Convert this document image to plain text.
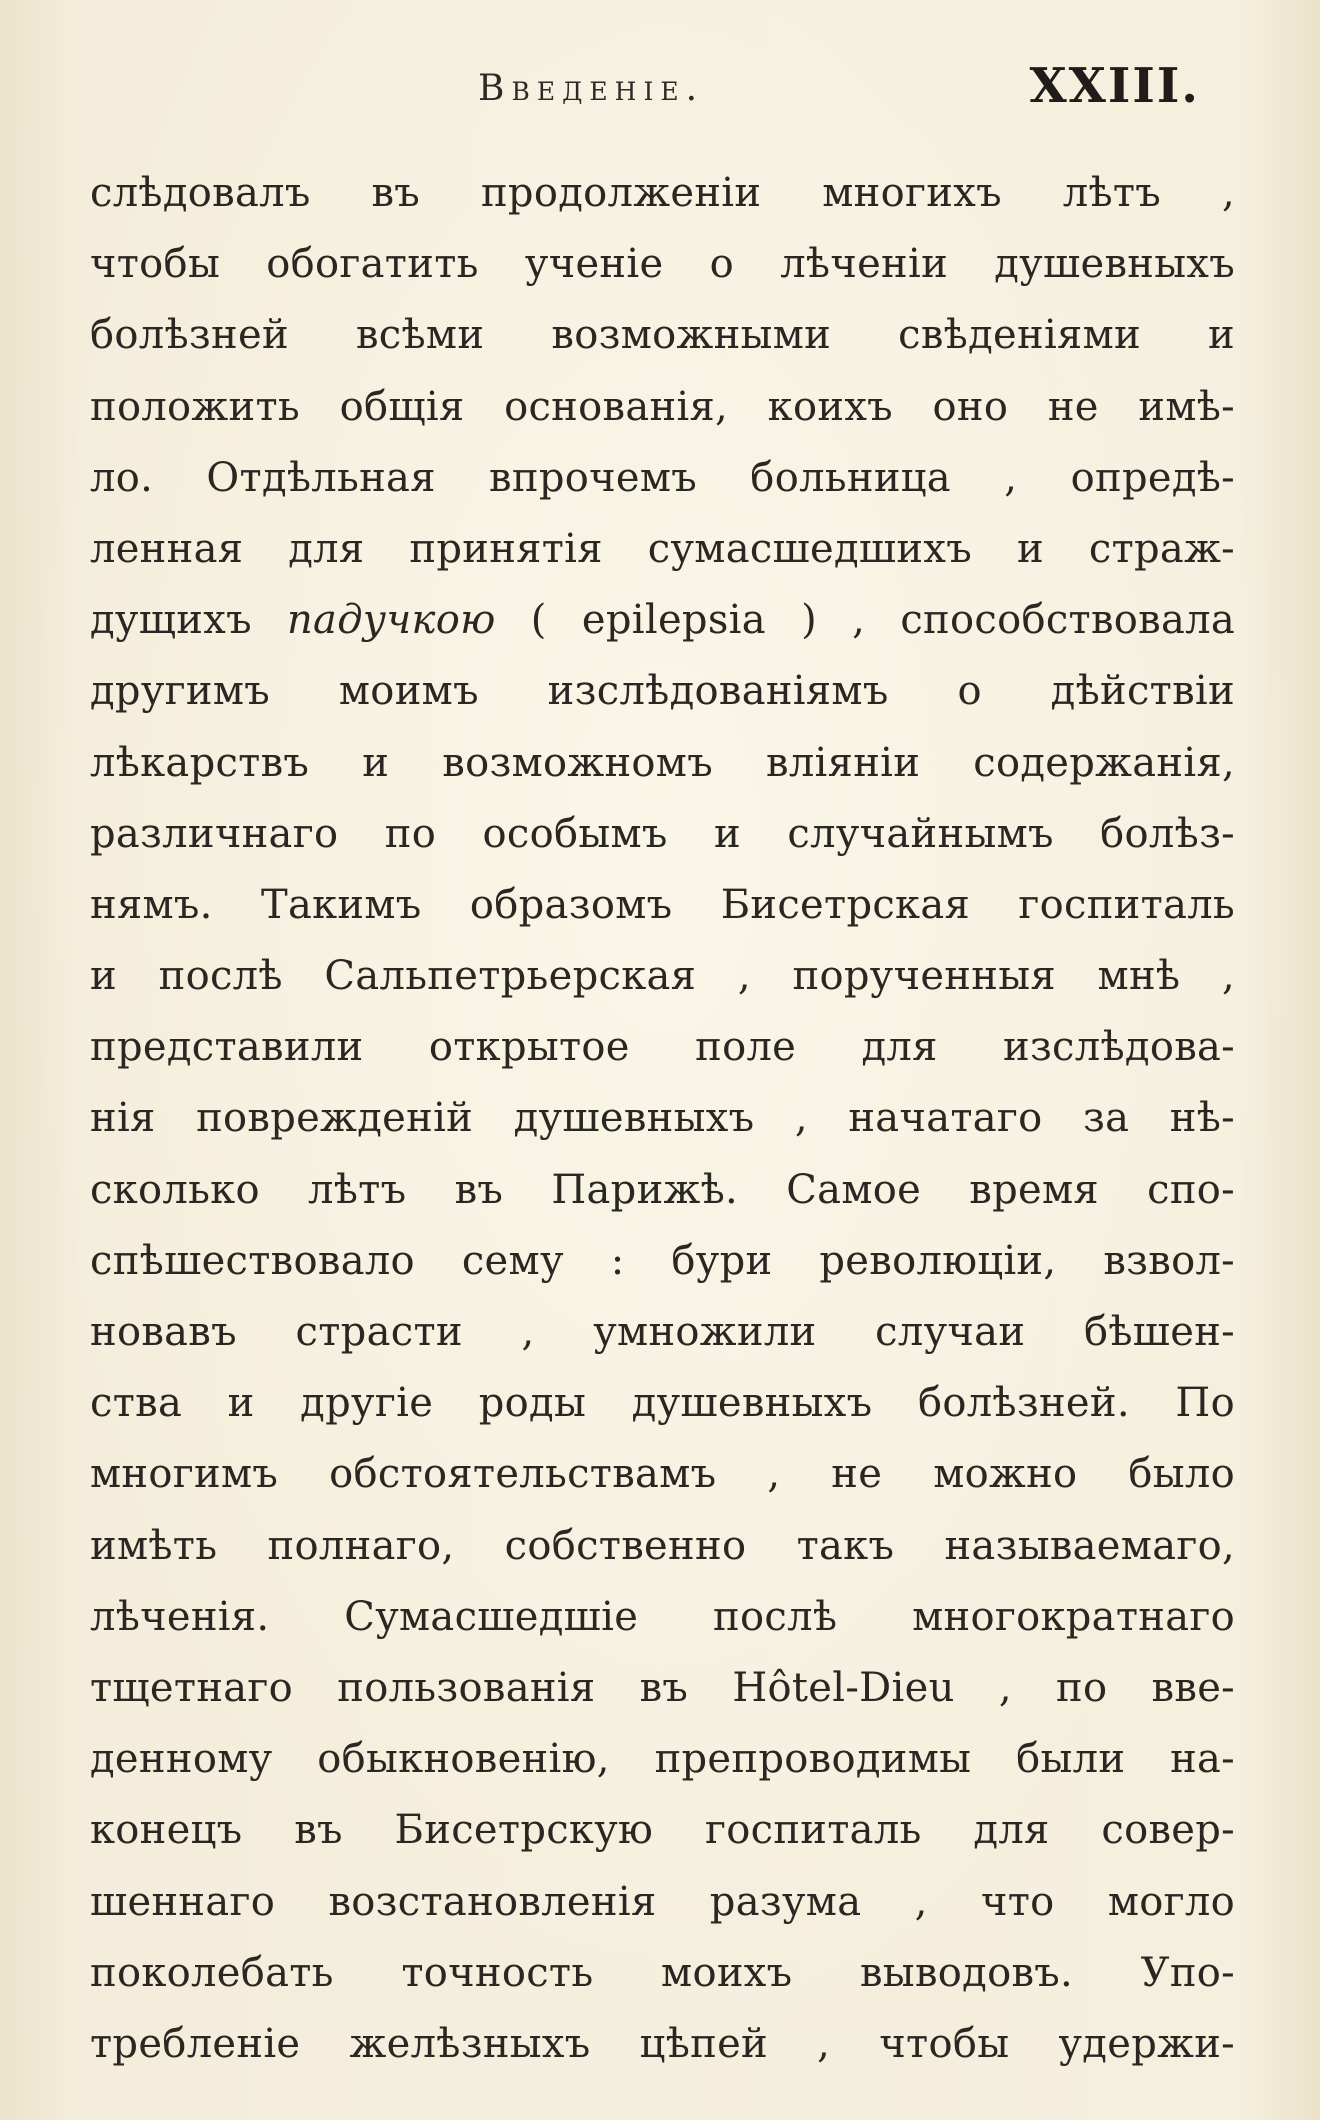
Введеніе.	XXIII.
слѣдовалъ въ продолженіи многихъ лѣтъ ,
чтобы обогатить ученіе о лѣченіи душевныхъ
болѣзней всѣми возможными свѣденіями и
положить общія основанія, коихъ оно не имѣ-
ло. Отдѣльная впрочемъ больница , опредѣ-
ленная для принятія сумасшедшихъ и страж-
дущихъ падучкою ( epilepsia ) , способствовала
другимъ моимъ изслѣдованіямъ о дѣйствіи
лѣкарствъ и возможномъ вліяніи содержанія,
различнаго по особымъ и случайнымъ болѣз-
нямъ. Такимъ образомъ Бисетрская госпиталь
и послѣ Сальпетрьерская , порученныя мнѣ ,
представили открытое поле для изслѣдова-
нія поврежденій душевныхъ , начатаго за нѣ-
сколько лѣтъ въ Парижѣ. Самое время спо-
спѣшествовало сему : бури революціи, взвол-
новавъ страсти , умножили случаи бѣшен-
ства и другіе роды душевныхъ болѣзней. По
многимъ обстоятельствамъ , не можно было
имѣть полнаго, собственно такъ называемаго,
лѣченія. Сумасшедшіе послѣ многократнаго
тщетнаго пользованія въ Hôtel-Dieu , по вве-
денному обыкновенію, препроводимы были на-
конецъ въ Бисетрскую госпиталь для совер-
шеннаго возстановленія разума , что могло
поколебать точность моихъ выводовъ. Упо-
требленіе желѣзныхъ цѣпей , чтобы удержи-
